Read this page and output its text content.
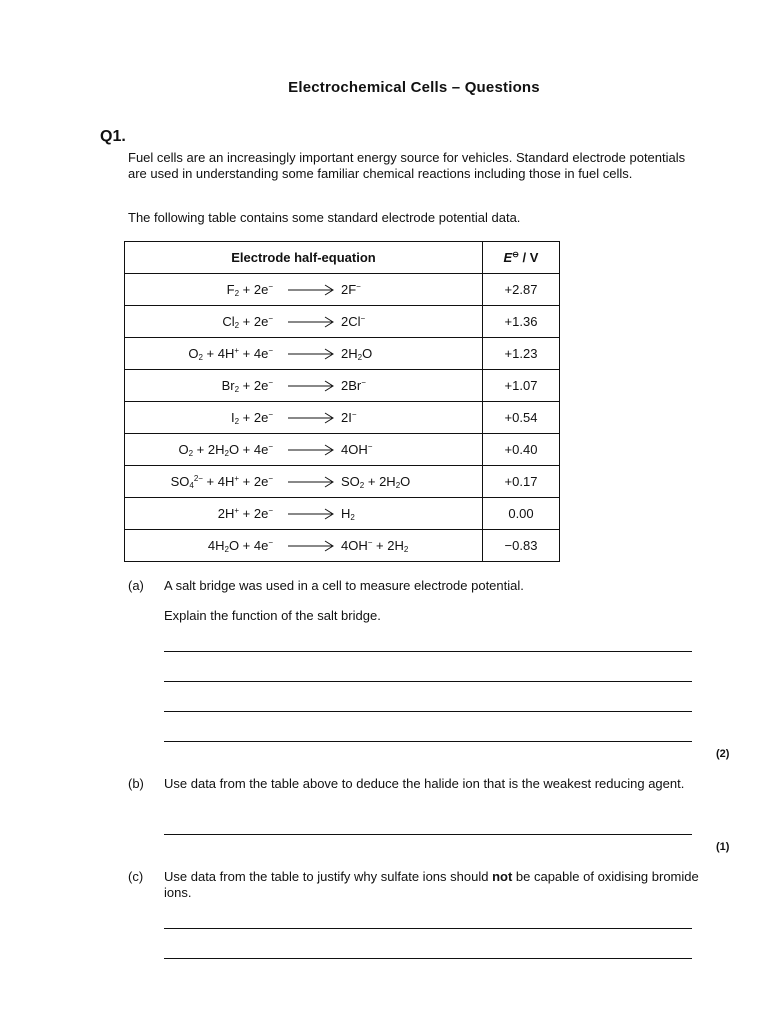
Electrochemical Cells – Questions
Q1.
Fuel cells are an increasingly important energy source for vehicles. Standard electrode potentials are used in understanding some familiar chemical reactions including those in fuel cells.
The following table contains some standard electrode potential data.
Electrode half-equation	E⊖ / V

$F_2 + 2e^-$ 2F−	+2.87

$Cl_2 + 2e^-$ 2Cl−	+1.36

$O_2 + 4H^+ + 4e^-$ $2H_2O$	+1.23

$Br_2 + 2e^-$ 2Br−	+1.07

$I_2 + 2e^-$ 2I−	+0.54

$O_2 + 2H_2O + 4e^-$ 4OH−	+0.40

$SO_4^{2-} + 4H^+ + 2e^-$ $SO_2 + 2H_2O$	+0.17

2H+ + 2e− $H_2$	0.00

$4H_2O + 4e^-$ $4OH^- + 2H_2$	−0.83
(a) A salt bridge was used in a cell to measure electrode potential.
Explain the function of the salt bridge.
(2)
(b) Use data from the table above to deduce the halide ion that is the weakest reducing agent.
(1)
(c) Use data from the table to justify why sulfate ions should not be capable of oxidising bromide ions.
